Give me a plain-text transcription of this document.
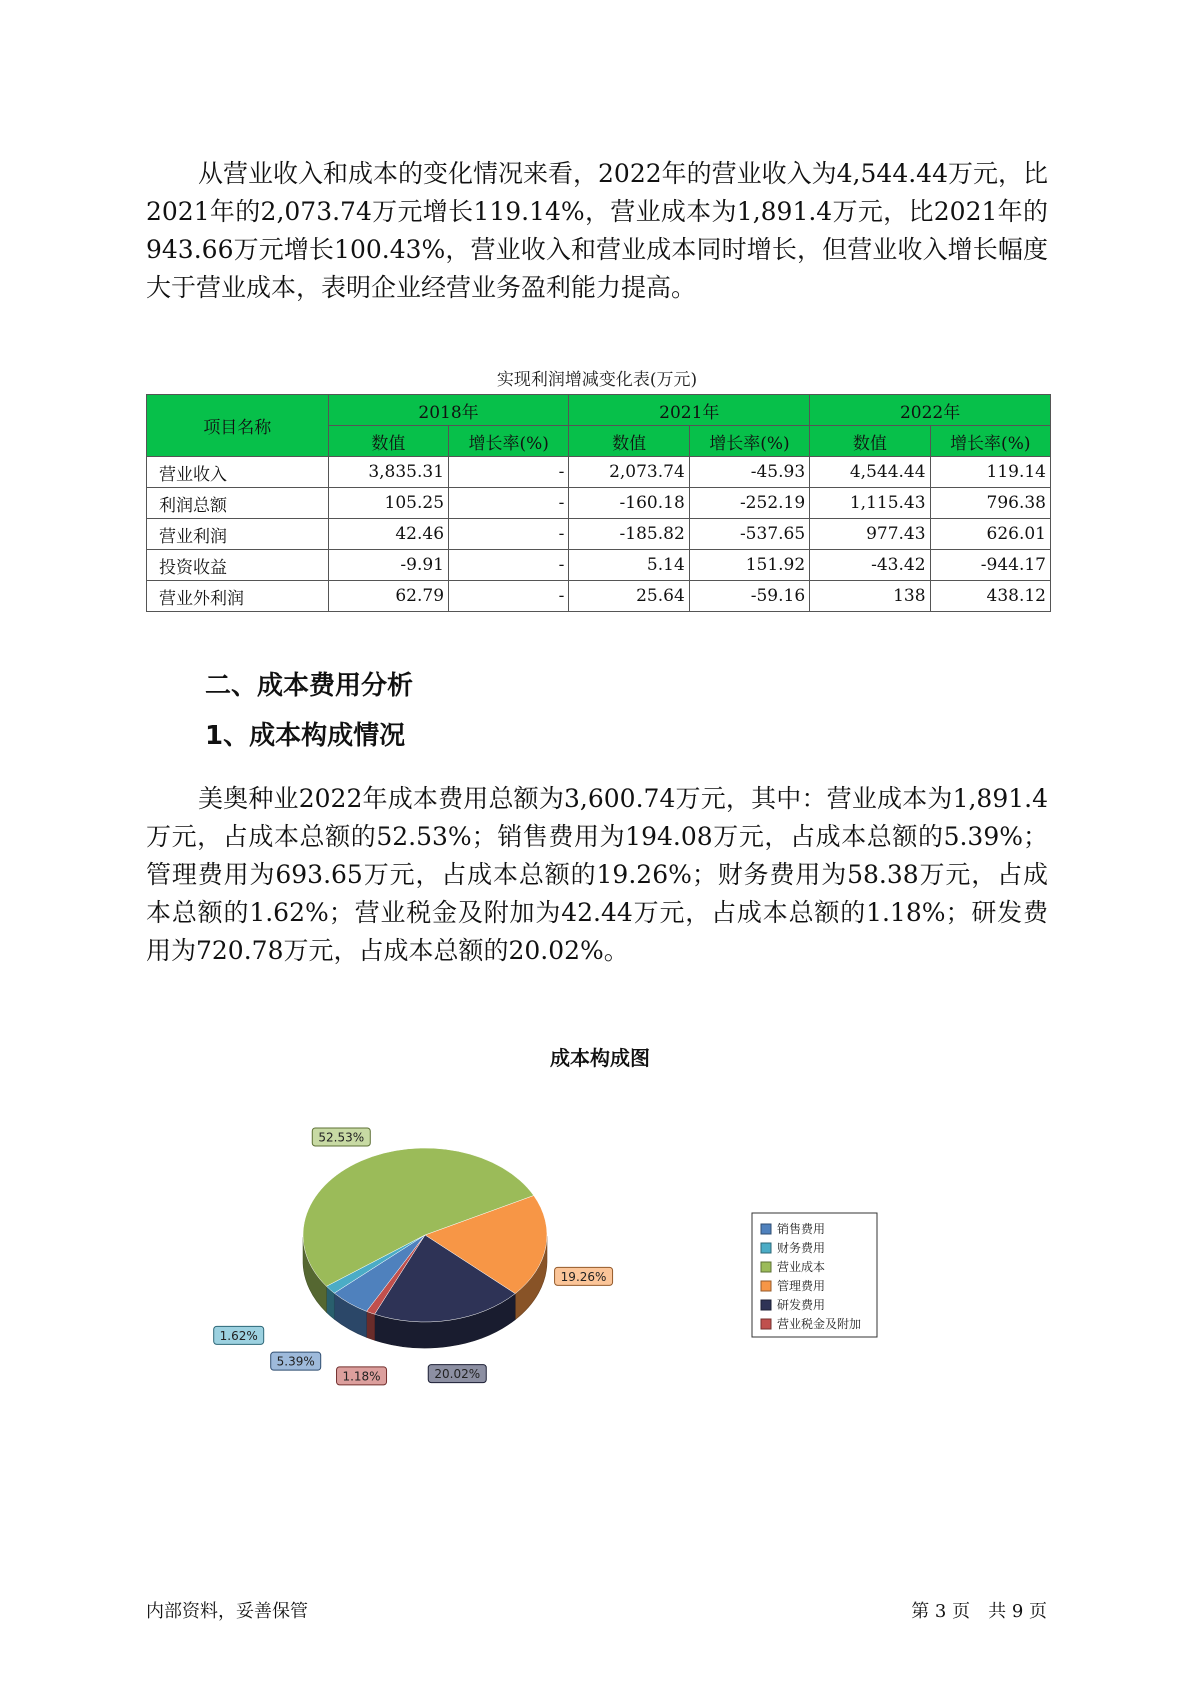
从营业收入和成本的变化情况来看，2022年的营业收入为4,544.44万元，比2021年的2,073.74万元增长119.14%，营业成本为1,891.4万元，比2021年的943.66万元增长100.43%，营业收入和营业成本同时增长，但营业收入增长幅度大于营业成本，表明企业经营业务盈利能力提高。

实现利润增减变化表(万元)
项目名称	2018年		2021年		2022年	
	数值	增长率(%)	数值	增长率(%)	数值	增长率(%)
营业收入	3,835.31	-	2,073.74	-45.93	4,544.44	119.14
利润总额	105.25	-	-160.18	-252.19	1,115.43	796.38
营业利润	42.46	-	-185.82	-537.65	977.43	626.01
投资收益	-9.91	-	5.14	151.92	-43.42	-944.17
营业外利润	62.79	-	25.64	-59.16	138	438.12
二、成本费用分析
1、成本构成情况

美奥种业2022年成本费用总额为3,600.74万元，其中：营业成本为1,891.4万元，占成本总额的52.53%；销售费用为194.08万元，占成本总额的5.39%；管理费用为693.65万元，占成本总额的19.26%；财务费用为58.38万元，占成本总额的1.62%；营业税金及附加为42.44万元，占成本总额的1.18%；研发费用为720.78万元，占成本总额的20.02%。

成本构成图
19.26%
20.02%
1.18%
5.39%
1.62%
52.53%
销售费用
财务费用
营业成本
管理费用
研发费用
营业税金及附加
内部资料，妥善保管	第 3 页　共 9 页
